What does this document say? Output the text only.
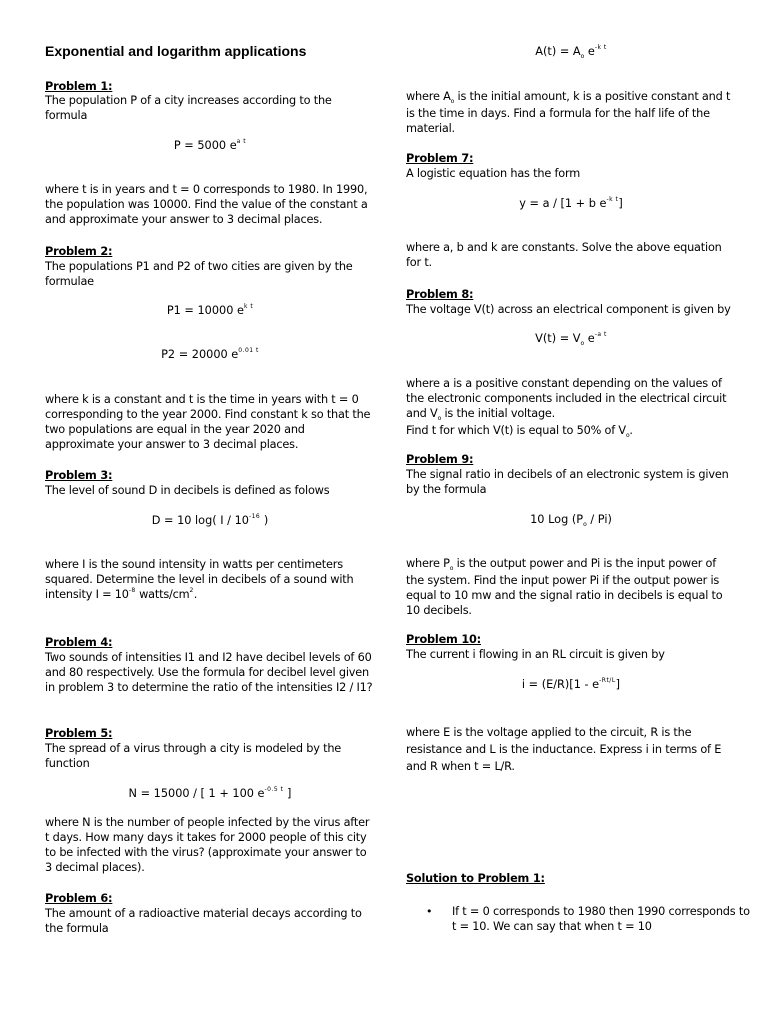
Exponential and logarithm applications
Problem 1:
The population P of a city increases according to the formula
P = 5000 $e^{a t}$
where t is in years and t = 0 corresponds to 1980. In 1990, the population was 10000. Find the value of the constant a and approximate your answer to 3 decimal places.
Problem 2:
The populations P1 and P2 of two cities are given by the formulae
P1 = 10000 $e^{k t}$
P2 = 20000 $e^{0.01 t}$
where k is a constant and t is the time in years with t = 0 corresponding to the year 2000. Find constant k so that the two populations are equal in the year 2020 and approximate your answer to 3 decimal places.
Problem 3:
The level of sound D in decibels is defined as folows
D = 10 log( I / $10^{-16}$ )
where I is the sound intensity in watts per centimeters squared. Determine the level in decibels of a sound with intensity $I = 10^{-8}$ watts/$cm^2$.
Problem 4:
Two sounds of intensities I1 and I2 have decibel levels of 60 and 80 respectively. Use the formula for decibel level given in problem 3 to determine the ratio of the intensities I2 / I1?
Problem 5:
The spread of a virus through a city is modeled by the function
N = 15000 / [ 1 + 100 $e^{-0.5 t}$ ]
where N is the number of people infected by the virus after t days. How many days it takes for 2000 people of this city to be infected with the virus? (approximate your answer to 3 decimal places).
Problem 6:
The amount of a radioactive material decays according to the formula
$A(t) = A_o$ $e^{-k t}$
where $A_o$ is the initial amount, k is a positive constant and t is the time in days. Find a formula for the half life of the material.
Problem 7:
A logistic equation has the form
y = a / [1 + b $e^{-k t}$]
where a, b and k are constants. Solve the above equation for t.
Problem 8:
The voltage V(t) across an electrical component is given by
$V(t) = V_o$ $e^{-a t}$
where a is a positive constant depending on the values of the electronic components included in the electrical circuit and $V_o$ is the initial voltage.
Find t for which V(t) is equal to 50% of $V_o$.
Problem 9:
The signal ratio in decibels of an electronic system is given by the formula
10 Log $(P_o / Pi)$
where $P_o$ is the output power and Pi is the input power of the system. Find the input power Pi if the output power is equal to 10 mw and the signal ratio in decibels is equal to 10 decibels.
Problem 10:
The current i flowing in an RL circuit is given by
$i = (E/R)[1 - e^{-Rt/L}]$
where E is the voltage applied to the circuit, R is the resistance and L is the inductance. Express i in terms of E and R when t = L/R.
Solution to Problem 1:
• If t = 0 corresponds to 1980 then 1990 corresponds to t = 10. We can say that when t = 10
